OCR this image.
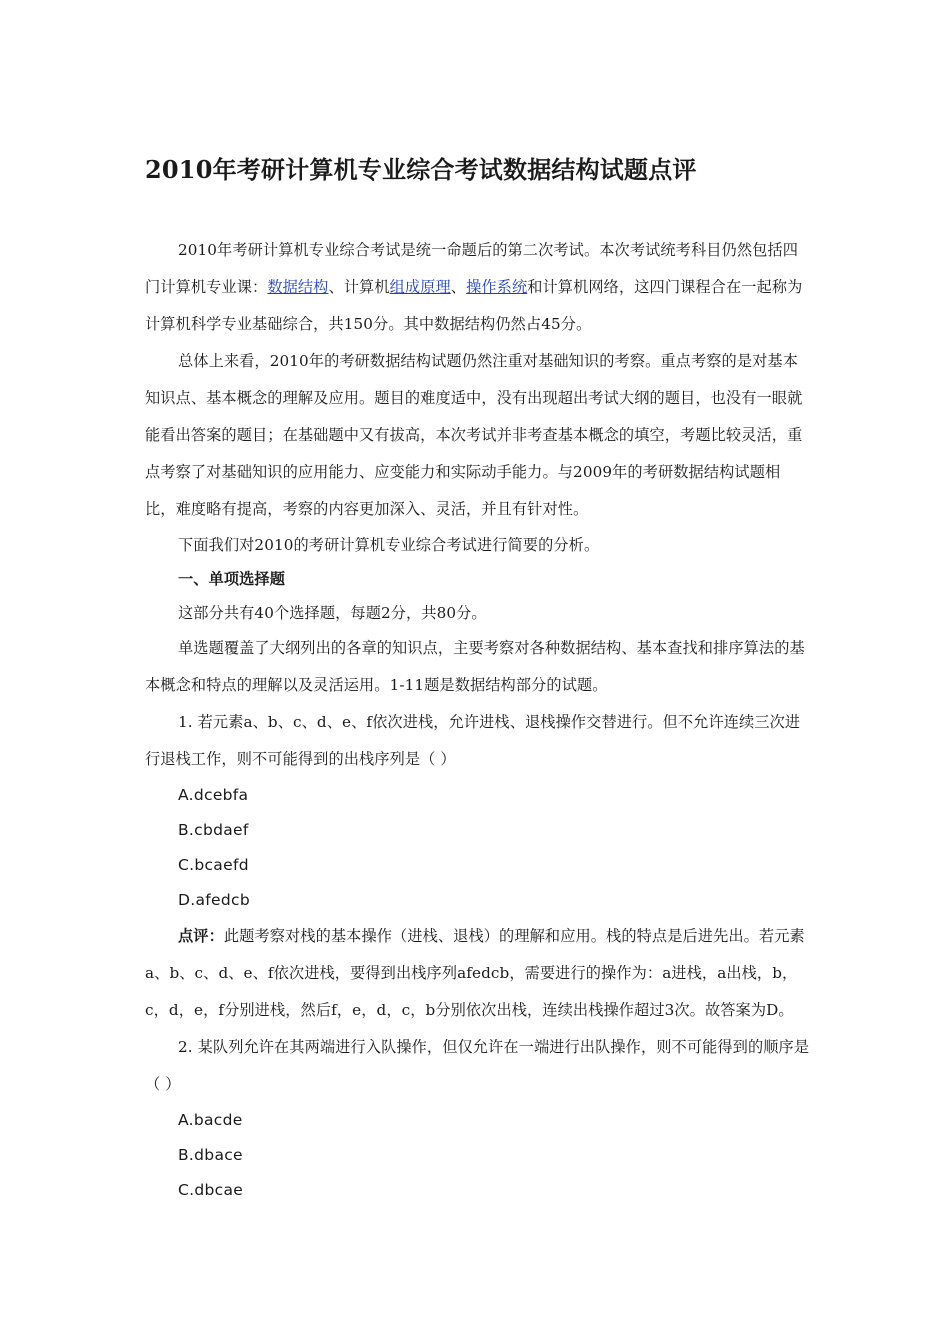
2010年考研计算机专业综合考试数据结构试题点评

2010年考研计算机专业综合考试是统一命题后的第二次考试。本次考试统考科目仍然包括四门计算机专业课：数据结构、计算机组成原理、操作系统和计算机网络，这四门课程合在一起称为计算机科学专业基础综合，共150分。其中数据结构仍然占45分。

总体上来看，2010年的考研数据结构试题仍然注重对基础知识的考察。重点考察的是对基本知识点、基本概念的理解及应用。题目的难度适中，没有出现超出考试大纲的题目，也没有一眼就能看出答案的题目；在基础题中又有拔高，本次考试并非考查基本概念的填空，考题比较灵活，重点考察了对基础知识的应用能力、应变能力和实际动手能力。与2009年的考研数据结构试题相比，难度略有提高，考察的内容更加深入、灵活，并且有针对性。

下面我们对2010的考研计算机专业综合考试进行简要的分析。

一、单项选择题

这部分共有40个选择题，每题2分，共80分。

单选题覆盖了大纲列出的各章的知识点，主要考察对各种数据结构、基本查找和排序算法的基本概念和特点的理解以及灵活运用。1-11题是数据结构部分的试题。

1. 若元素a、b、c、d、e、f依次进栈，允许进栈、退栈操作交替进行。但不允许连续三次进行退栈工作，则不可能得到的出栈序列是（ ）

A.dcebfa

B.cbdaef

C.bcaefd

D.afedcb

点评：此题考察对栈的基本操作（进栈、退栈）的理解和应用。栈的特点是后进先出。若元素a、b、c、d、e、f依次进栈，要得到出栈序列afedcb，需要进行的操作为：a进栈，a出栈，b，c，d，e，f分别进栈，然后f，e，d，c，b分别依次出栈，连续出栈操作超过3次。故答案为D。

2. 某队列允许在其两端进行入队操作，但仅允许在一端进行出队操作，则不可能得到的顺序是（ ）

A.bacde

B.dbace

C.dbcae
